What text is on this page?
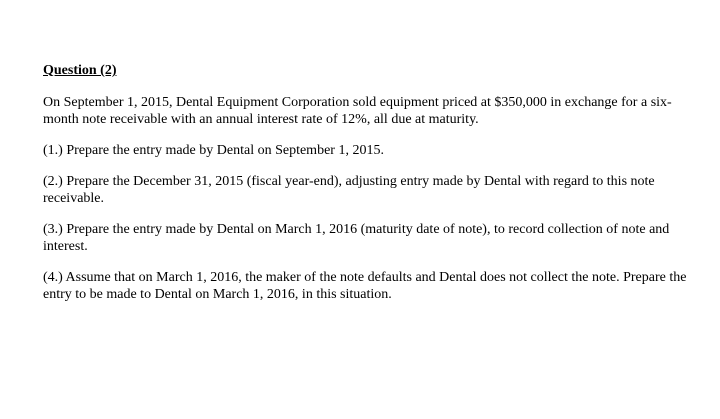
Question (2)

On September 1, 2015, Dental Equipment Corporation sold equipment priced at $350,000 in exchange for a six-month note receivable with an annual interest rate of 12%, all due at maturity.

(1.) Prepare the entry made by Dental on September 1, 2015.

(2.) Prepare the December 31, 2015 (fiscal year-end), adjusting entry made by Dental with regard to this note receivable.

(3.) Prepare the entry made by Dental on March 1, 2016 (maturity date of note), to record collection of note and interest.

(4.) Assume that on March 1, 2016, the maker of the note defaults and Dental does not collect the note. Prepare the entry to be made to Dental on March 1, 2016, in this situation.
